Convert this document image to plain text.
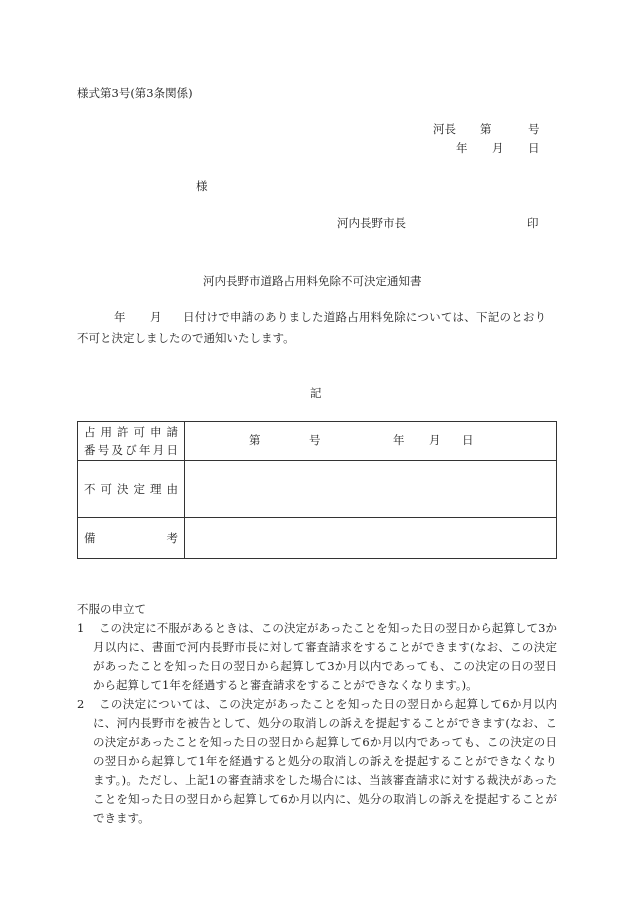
様式第3号(第3条関係)
河長 第	号
年 月 日
様
河内長野市長	印
河内長野市道路占用料免除不可決定通知書
年 月 日付けで申請のありました道路占用料免除については、下記のとおり
不可と決定しましたので通知いたします。
記
占用許可申請
番号及び年月日	第 号 年 月 日

不可決定理由	

備 考	

不服の申立て
1 この決定に不服があるときは、この決定があったことを知った日の翌日から起算して3か月以内に、書面で河内長野市長に対して審査請求をすることができます(なお、この決定があったことを知った日の翌日から起算して3か月以内であっても、この決定の日の翌日から起算して1年を経過すると審査請求をすることができなくなります。)。
2 この決定については、この決定があったことを知った日の翌日から起算して6か月以内に、河内長野市を被告として、処分の取消しの訴えを提起することができます(なお、この決定があったことを知った日の翌日から起算して6か月以内であっても、この決定の日の翌日から起算して1年を経過すると処分の取消しの訴えを提起することができなくなります。)。ただし、上記1の審査請求をした場合には、当該審査請求に対する裁決があったことを知った日の翌日から起算して6か月以内に、処分の取消しの訴えを提起することができます。
